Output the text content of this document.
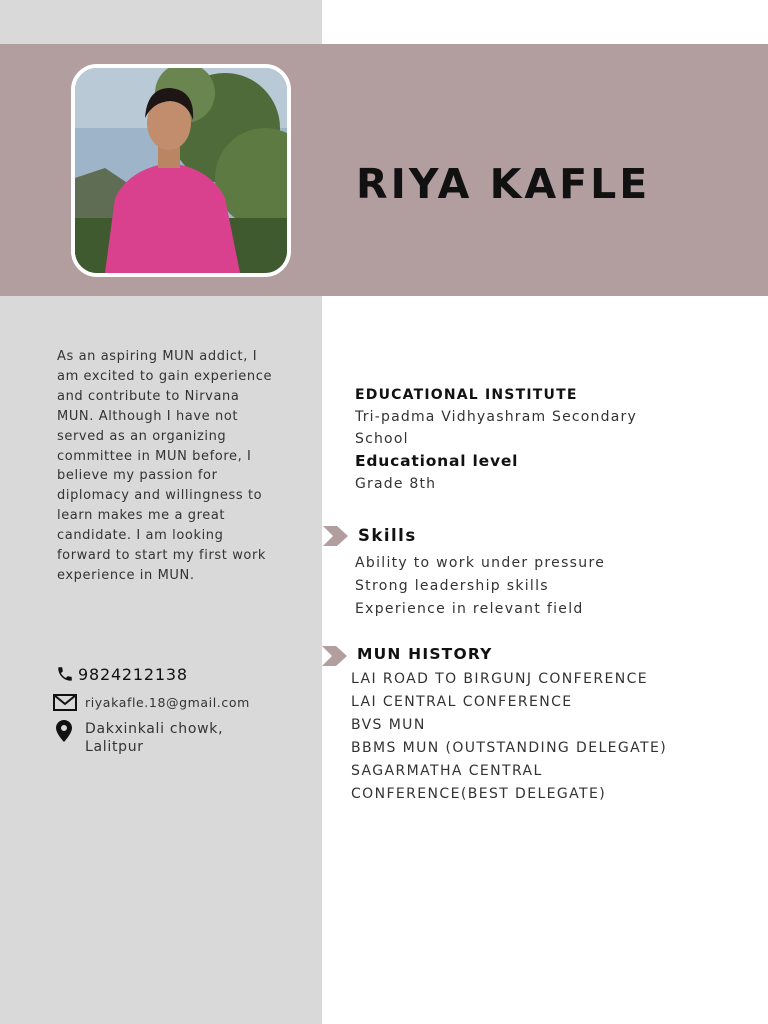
RIYA KAFLE

As an aspiring MUN addict, I am excited to gain experience and contribute to Nirvana MUN. Although I have not served as an organizing committee in MUN before, I believe my passion for diplomacy and willingness to learn makes me a great candidate. I am looking forward to start my first work experience in MUN.

9824212138
riyakafle.18@gmail.com
Dakxinkali chowk, Lalitpur
EDUCATIONAL INSTITUTE

Tri-padma Vidhyashram Secondary School

Educational level

Grade 8th

Skills
Ability to work under pressure
Strong leadership skills
Experience in relevant field
MUN HISTORY
LAI ROAD TO BIRGUNJ CONFERENCE
LAI CENTRAL CONFERENCE
BVS MUN
BBMS MUN (OUTSTANDING DELEGATE)
SAGARMATHA CENTRAL CONFERENCE(BEST DELEGATE)
